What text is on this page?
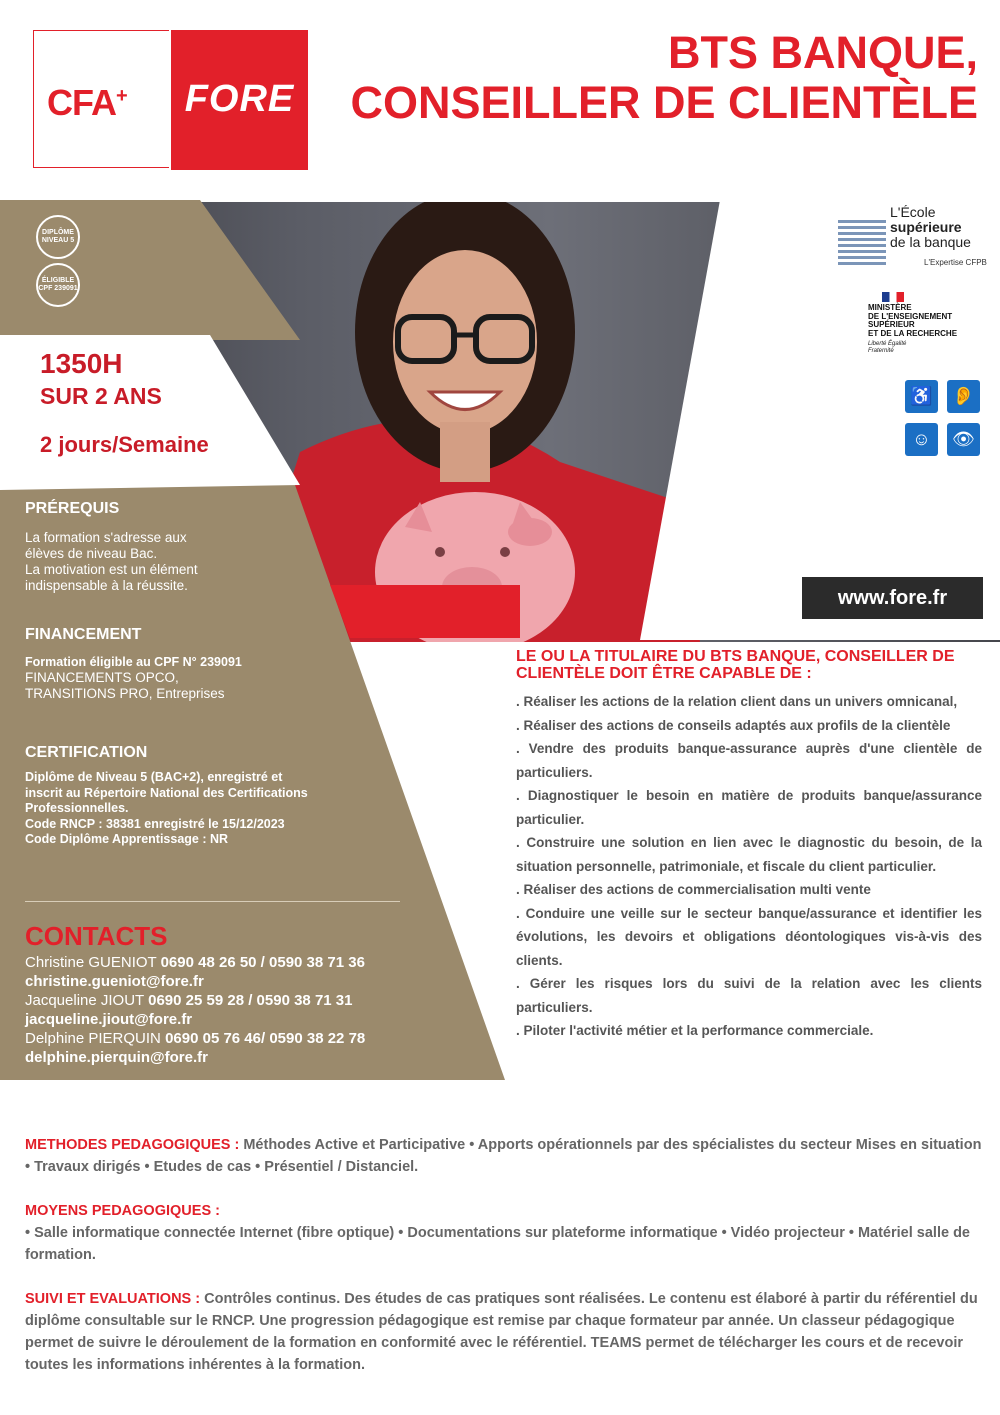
CFA+	FORE
BTS BANQUE,
CONSEILLER DE CLIENTÈLE
DIPLÔME NIVEAU 5
ÉLIGIBLE CPF 239091
1350H
SUR 2 ANS
2 jours/Semaine
PRÉREQUIS
La formation s'adresse aux
élèves de niveau Bac.
La motivation est un élément
indispensable à la réussite.
FINANCEMENT
Formation éligible au CPF N° 239091
FINANCEMENTS OPCO,
TRANSITIONS PRO, Entreprises
CERTIFICATION
Diplôme de Niveau 5 (BAC+2), enregistré et
inscrit au Répertoire National des Certifications
Professionnelles.
Code RNCP : 38381 enregistré le 15/12/2023
Code Diplôme Apprentissage : NR
CONTACTS
Christine GUENIOT 0690 48 26 50 / 0590 38 71 36
christine.gueniot@fore.fr
Jacqueline JIOUT 0690 25 59 28 / 0590 38 71 31
jacqueline.jiout@fore.fr
Delphine PIERQUIN 0690 05 76 46/ 0590 38 22 78
delphine.pierquin@fore.fr
www.fore.fr
L'École
supérieure
de la banque
L'Expertise CFPB
MINISTÈRE
DE L'ENSEIGNEMENT
SUPÉRIEUR
ET DE LA RECHERCHE
Liberté Égalité Fraternité
♿ 👂
☺	👁
LE OU LA TITULAIRE DU BTS BANQUE, CONSEILLER DE CLIENTÈLE DOIT ÊTRE CAPABLE DE :

. Réaliser les actions de la relation client dans un univers omnicanal,

. Réaliser des actions de conseils adaptés aux profils de la clientèle

. Vendre des produits banque-assurance auprès d'une clientèle de particuliers.

. Diagnostiquer le besoin en matière de produits banque/assurance particulier.

. Construire une solution en lien avec le diagnostic du besoin, de la situation personnelle, patrimoniale, et fiscale du client particulier.

. Réaliser des actions de commercialisation multi vente

. Conduire une veille sur le secteur banque/assurance et identifier les évolutions, les devoirs et obligations déontologiques vis-à-vis des clients.

. Gérer les risques lors du suivi de la relation avec les clients particuliers.

. Piloter l'activité métier et la performance commerciale.

METHODES PEDAGOGIQUES : Méthodes Active et Participative • Apports opérationnels par des spécialistes du secteur Mises en situation • Travaux dirigés • Etudes de cas • Présentiel / Distanciel.
MOYENS PEDAGOGIQUES :
• Salle informatique connectée Internet (fibre optique) • Documentations sur plateforme informatique • Vidéo projecteur • Matériel salle de formation.
SUIVI ET EVALUATIONS : Contrôles continus. Des études de cas pratiques sont réalisées. Le contenu est élaboré à partir du référentiel du diplôme consultable sur le RNCP. Une progression pédagogique est remise par chaque formateur par année. Un classeur pédagogique permet de suivre le déroulement de la formation en conformité avec le référentiel. TEAMS permet de télécharger les cours et de recevoir toutes les informations inhérentes à la formation.
